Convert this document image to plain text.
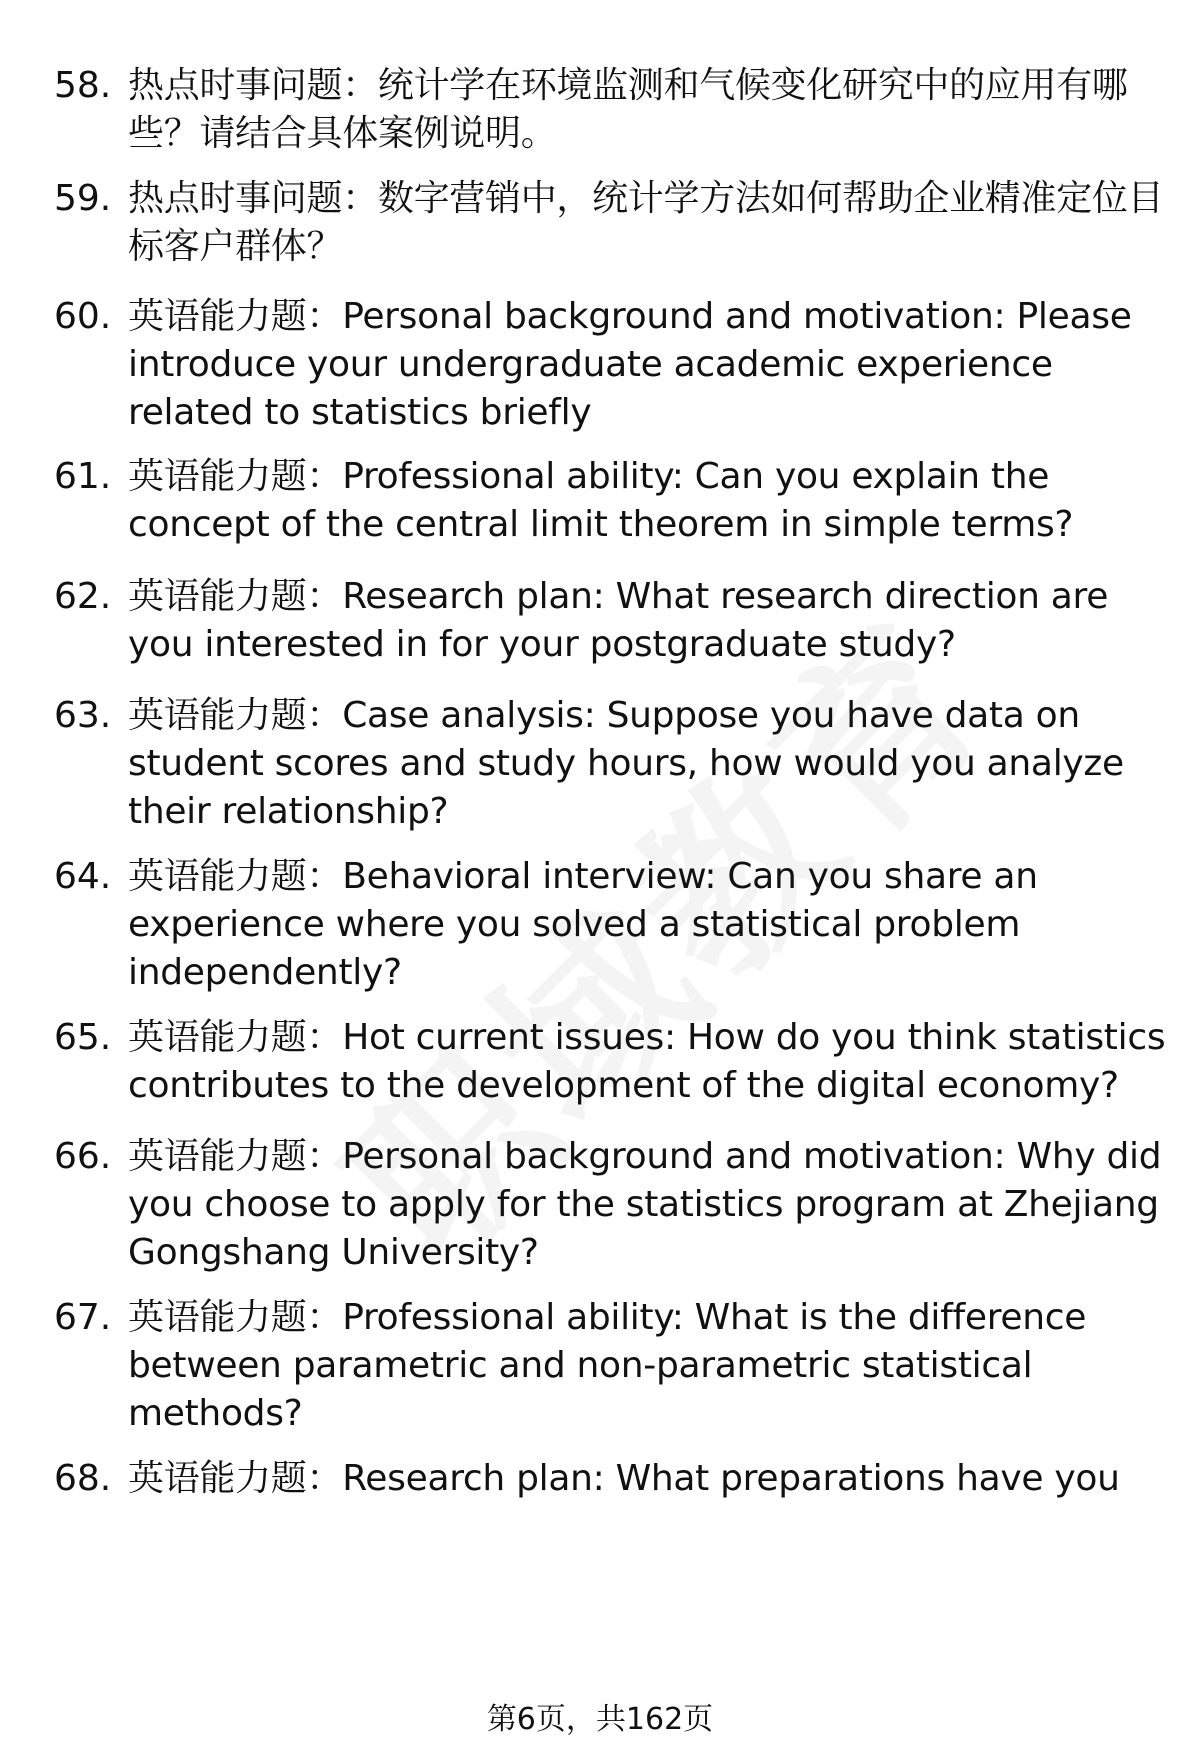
58. 热点时事问题：统计学在环境监测和气候变化研究中的应用有哪些？请结合具体案例说明。
59. 热点时事问题：数字营销中，统计学方法如何帮助企业精准定位目标客户群体？
60. 英语能力题：Personal background and motivation: Please introduce your undergraduate academic experience related to statistics briefly
61. 英语能力题：Professional ability: Can you explain the concept of the central limit theorem in simple terms?
62. 英语能力题：Research plan: What research direction are you interested in for your postgraduate study?
63. 英语能力题：Case analysis: Suppose you have data on student scores and study hours, how would you analyze their relationship?
64. 英语能力题：Behavioral interview: Can you share an experience where you solved a statistical problem independently?
65. 英语能力题：Hot current issues: How do you think statistics contributes to the development of the digital economy?
66. 英语能力题：Personal background and motivation: Why did you choose to apply for the statistics program at Zhejiang Gongshang University?
67. 英语能力题：Professional ability: What is the difference between parametric and non-parametric statistical methods?
68. 英语能力题：Research plan: What preparations have you
第6页，共162页
